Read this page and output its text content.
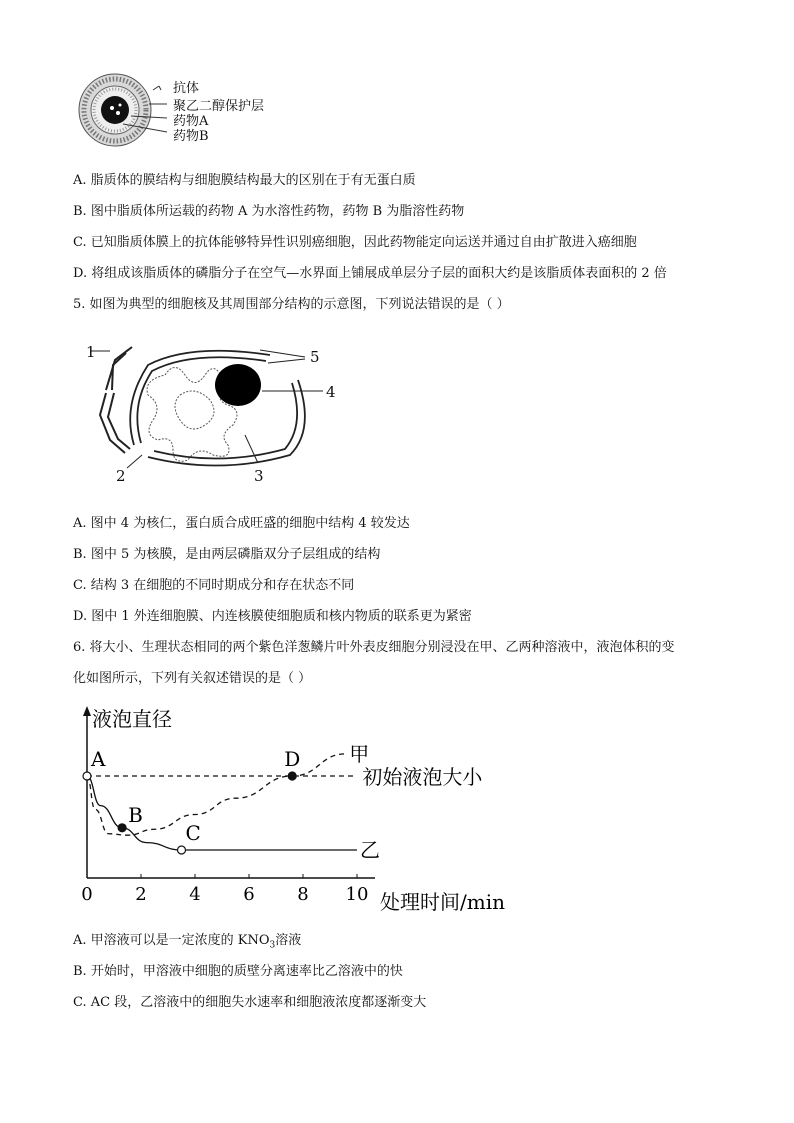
抗体
聚乙二醇保护层
药物A
药物B
A. 脂质体的膜结构与细胞膜结构最大的区别在于有无蛋白质
B. 图中脂质体所运载的药物 A 为水溶性药物，药物 B 为脂溶性药物
C. 已知脂质体膜上的抗体能够特异性识别癌细胞，因此药物能定向运送并通过自由扩散进入癌细胞
D. 将组成该脂质体的磷脂分子在空气—水界面上铺展成单层分子层的面积大约是该脂质体表面积的 2 倍
5. 如图为典型的细胞核及其周围部分结构的示意图，下列说法错误的是（ ）
1
2	3
4
5
A. 图中 4 为核仁，蛋白质合成旺盛的细胞中结构 4 较发达
B. 图中 5 为核膜，是由两层磷脂双分子层组成的结构
C. 结构 3 在细胞的不同时期成分和存在状态不同
D. 图中 1 外连细胞膜、内连核膜使细胞质和核内物质的联系更为紧密
6. 将大小、生理状态相同的两个紫色洋葱鳞片叶外表皮细胞分别浸没在甲、乙两种溶液中，液泡体积的变
化如图所示，下列有关叙述错误的是（ ）
液泡直径
处理时间/min
0 2 4 6 8 10
初始液泡大小
甲
乙
A
B
C
D
A. 甲溶液可以是一定浓度的 $KNO_3$溶液
B. 开始时，甲溶液中细胞的质壁分离速率比乙溶液中的快
C. AC 段，乙溶液中的细胞失水速率和细胞液浓度都逐渐变大
